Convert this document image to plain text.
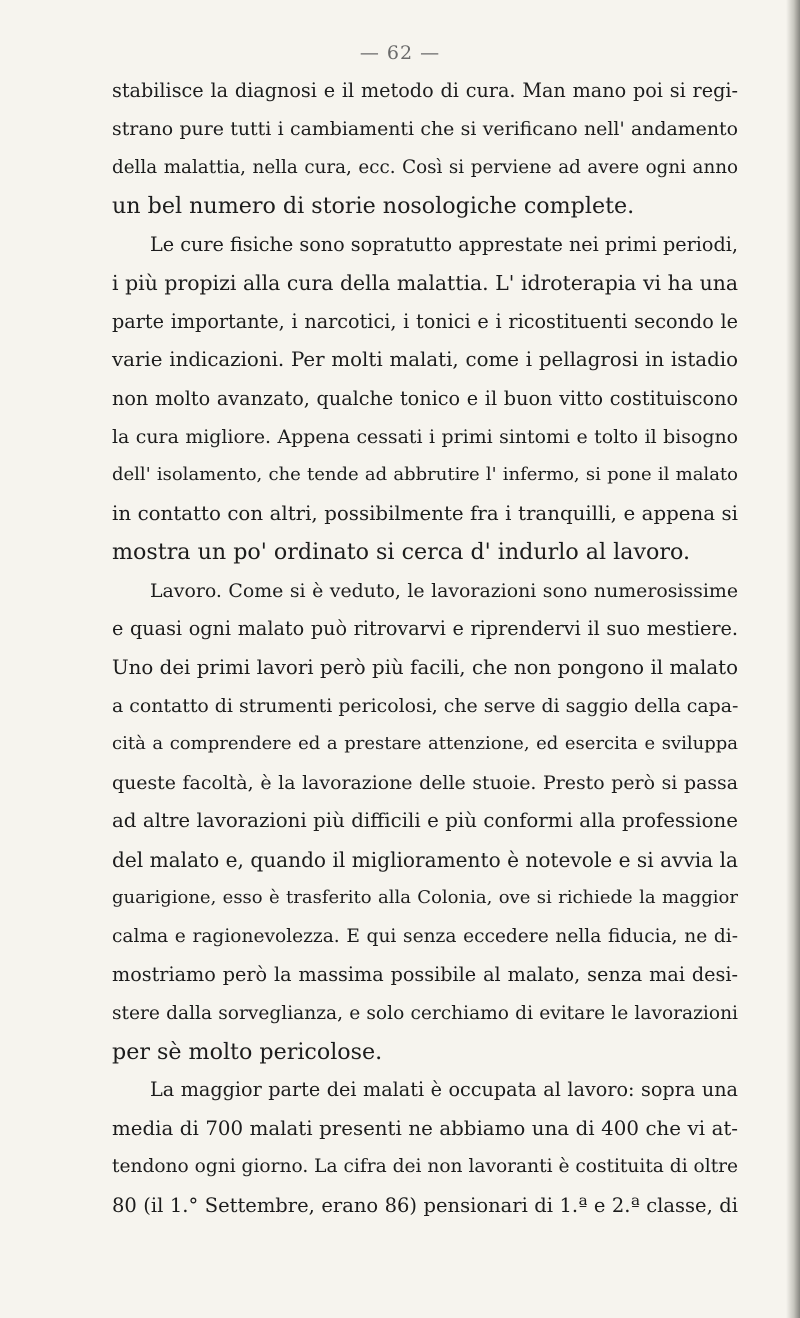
— 62 —
stabilisce la diagnosi e il metodo di cura. Man mano poi si regi-
strano pure tutti i cambiamenti che si verificano nell' andamento
della malattia, nella cura, ecc. Così si perviene ad avere ogni anno
un bel numero di storie nosologiche complete.
Le cure fisiche sono sopratutto apprestate nei primi periodi,
i più propizi alla cura della malattia. L' idroterapia vi ha una
parte importante, i narcotici, i tonici e i ricostituenti secondo le
varie indicazioni. Per molti malati, come i pellagrosi in istadio
non molto avanzato, qualche tonico e il buon vitto costituiscono
la cura migliore. Appena cessati i primi sintomi e tolto il bisogno
dell' isolamento, che tende ad abbrutire l' infermo, si pone il malato
in contatto con altri, possibilmente fra i tranquilli, e appena si
mostra un po' ordinato si cerca d' indurlo al lavoro.
Lavoro. Come si è veduto, le lavorazioni sono numerosissime
e quasi ogni malato può ritrovarvi e riprendervi il suo mestiere.
Uno dei primi lavori però più facili, che non pongono il malato
a contatto di strumenti pericolosi, che serve di saggio della capa-
cità a comprendere ed a prestare attenzione, ed esercita e sviluppa
queste facoltà, è la lavorazione delle stuoie. Presto però si passa
ad altre lavorazioni più difficili e più conformi alla professione
del malato e, quando il miglioramento è notevole e si avvia la
guarigione, esso è trasferito alla Colonia, ove si richiede la maggior
calma e ragionevolezza. E qui senza eccedere nella fiducia, ne di-
mostriamo però la massima possibile al malato, senza mai desi-
stere dalla sorveglianza, e solo cerchiamo di evitare le lavorazioni
per sè molto pericolose.
La maggior parte dei malati è occupata al lavoro: sopra una
media di 700 malati presenti ne abbiamo una di 400 che vi at-
tendono ogni giorno. La cifra dei non lavoranti è costituita di oltre
80 (il 1.° Settembre, erano 86) pensionari di 1.ª e 2.ª classe, di
